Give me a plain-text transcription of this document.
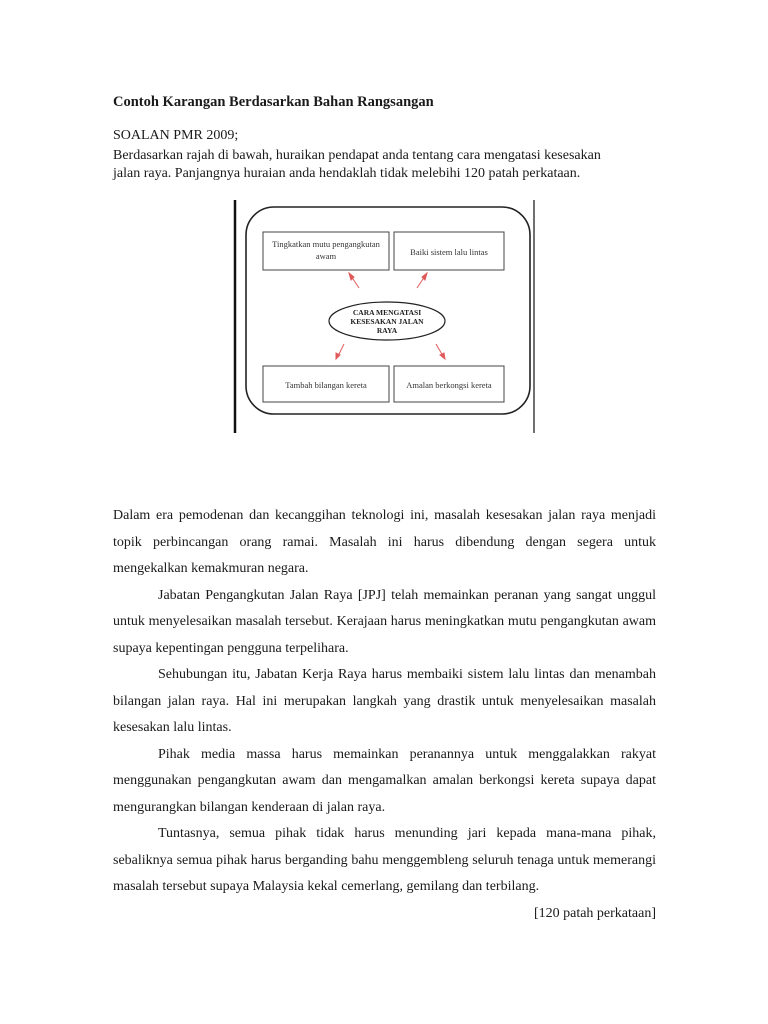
Contoh Karangan Berdasarkan Bahan Rangsangan
SOALAN PMR 2009;
Berdasarkan rajah di bawah, huraikan pendapat anda tentang cara mengatasi kesesakan
jalan raya. Panjangnya huraian anda hendaklah tidak melebihi 120 patah perkataan.
Tingkatkan mutu pengangkutan
awam	Baiki sistem lalu lintas
CARA MENGATASI
KESESAKAN JALAN
RAYA
Tambah bilangan kereta	Amalan berkongsi kereta

Dalam era pemodenan dan kecanggihan teknologi ini, masalah kesesakan jalan raya menjadi topik perbincangan orang ramai. Masalah ini harus dibendung dengan segera untuk mengekalkan kemakmuran negara.

Jabatan Pengangkutan Jalan Raya [JPJ] telah memainkan peranan yang sangat unggul untuk menyelesaikan masalah tersebut. Kerajaan harus meningkatkan mutu pengangkutan awam supaya kepentingan pengguna terpelihara.

Sehubungan itu, Jabatan Kerja Raya harus membaiki sistem lalu lintas dan menambah bilangan jalan raya. Hal ini merupakan langkah yang drastik untuk menyelesaikan masalah kesesakan lalu lintas.

Pihak media massa harus memainkan peranannya untuk menggalakkan rakyat menggunakan pengangkutan awam dan mengamalkan amalan berkongsi kereta supaya dapat mengurangkan bilangan kenderaan di jalan raya.

Tuntasnya, semua pihak tidak harus menunding jari kepada mana-mana pihak, sebaliknya semua pihak harus berganding bahu menggembleng seluruh tenaga untuk memerangi masalah tersebut supaya Malaysia kekal cemerlang, gemilang dan terbilang.

[120 patah perkataan]
